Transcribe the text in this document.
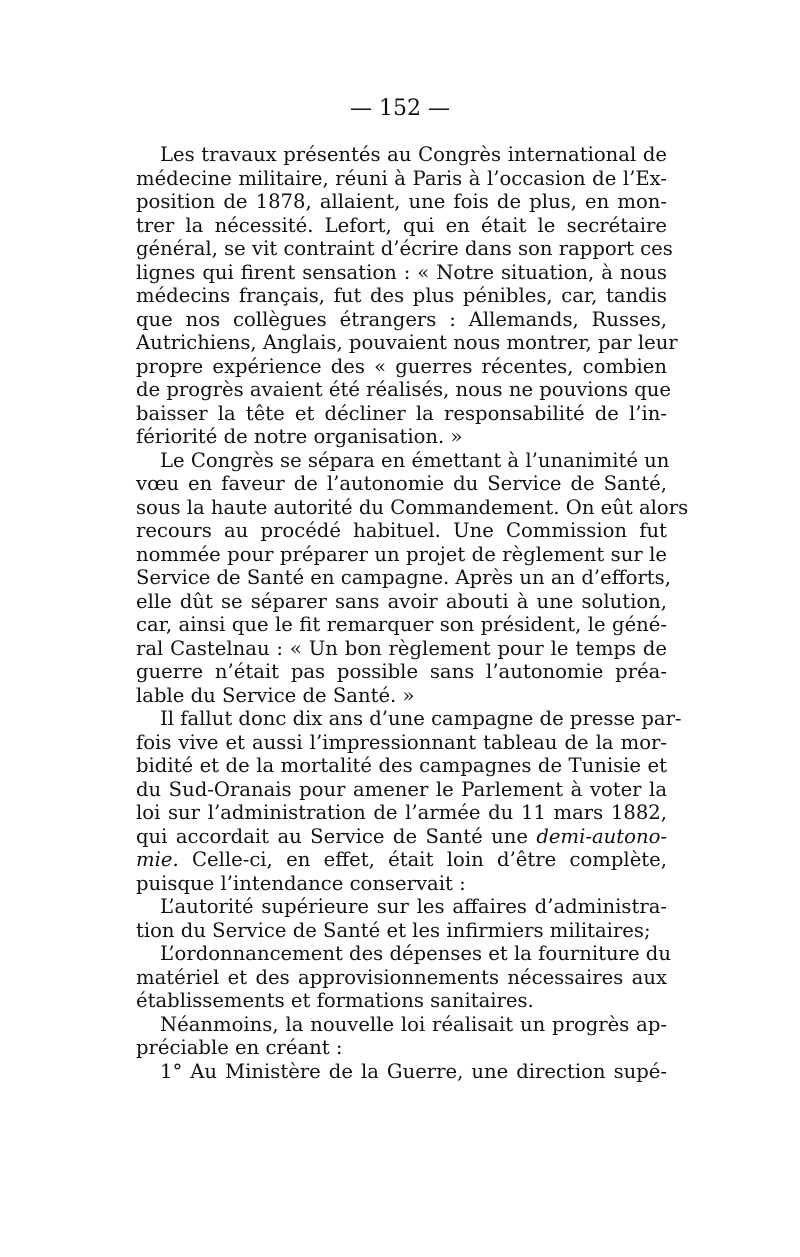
— 152 —

Les travaux présentés au Congrès international de

médecine militaire, réuni à Paris à l’occasion de l’Ex-

position de 1878, allaient, une fois de plus, en mon-

trer la nécessité. Lefort, qui en était le secrétaire

général, se vit contraint d’écrire dans son rapport ces

lignes qui firent sensation : « Notre situation, à nous

médecins français, fut des plus pénibles, car, tandis

que nos collègues étrangers : Allemands, Russes,

Autrichiens, Anglais, pouvaient nous montrer, par leur

propre expérience des « guerres récentes, combien

de progrès avaient été réalisés, nous ne pouvions que

baisser la tête et décliner la responsabilité de l’in-

fériorité de notre organisation. »

Le Congrès se sépara en émettant à l’unanimité un

vœu en faveur de l’autonomie du Service de Santé,

sous la haute autorité du Commandement. On eût alors

recours au procédé habituel. Une Commission fut

nommée pour préparer un projet de règlement sur le

Service de Santé en campagne. Après un an d’efforts,

elle dût se séparer sans avoir abouti à une solution,

car, ainsi que le fit remarquer son président, le géné-

ral Castelnau : « Un bon règlement pour le temps de

guerre n’était pas possible sans l’autonomie préa-

lable du Service de Santé. »

Il fallut donc dix ans d’une campagne de presse par-

fois vive et aussi l’impressionnant tableau de la mor-

bidité et de la mortalité des campagnes de Tunisie et

du Sud-Oranais pour amener le Parlement à voter la

loi sur l’administration de l’armée du 11 mars 1882,

qui accordait au Service de Santé une demi-autono-

mie. Celle-ci, en effet, était loin d’être complète,

puisque l’intendance conservait :

L’autorité supérieure sur les affaires d’administra-

tion du Service de Santé et les infirmiers militaires;

L’ordonnancement des dépenses et la fourniture du

matériel et des approvisionnements nécessaires aux

établissements et formations sanitaires.

Néanmoins, la nouvelle loi réalisait un progrès ap-

préciable en créant :

1° Au Ministère de la Guerre, une direction supé-
